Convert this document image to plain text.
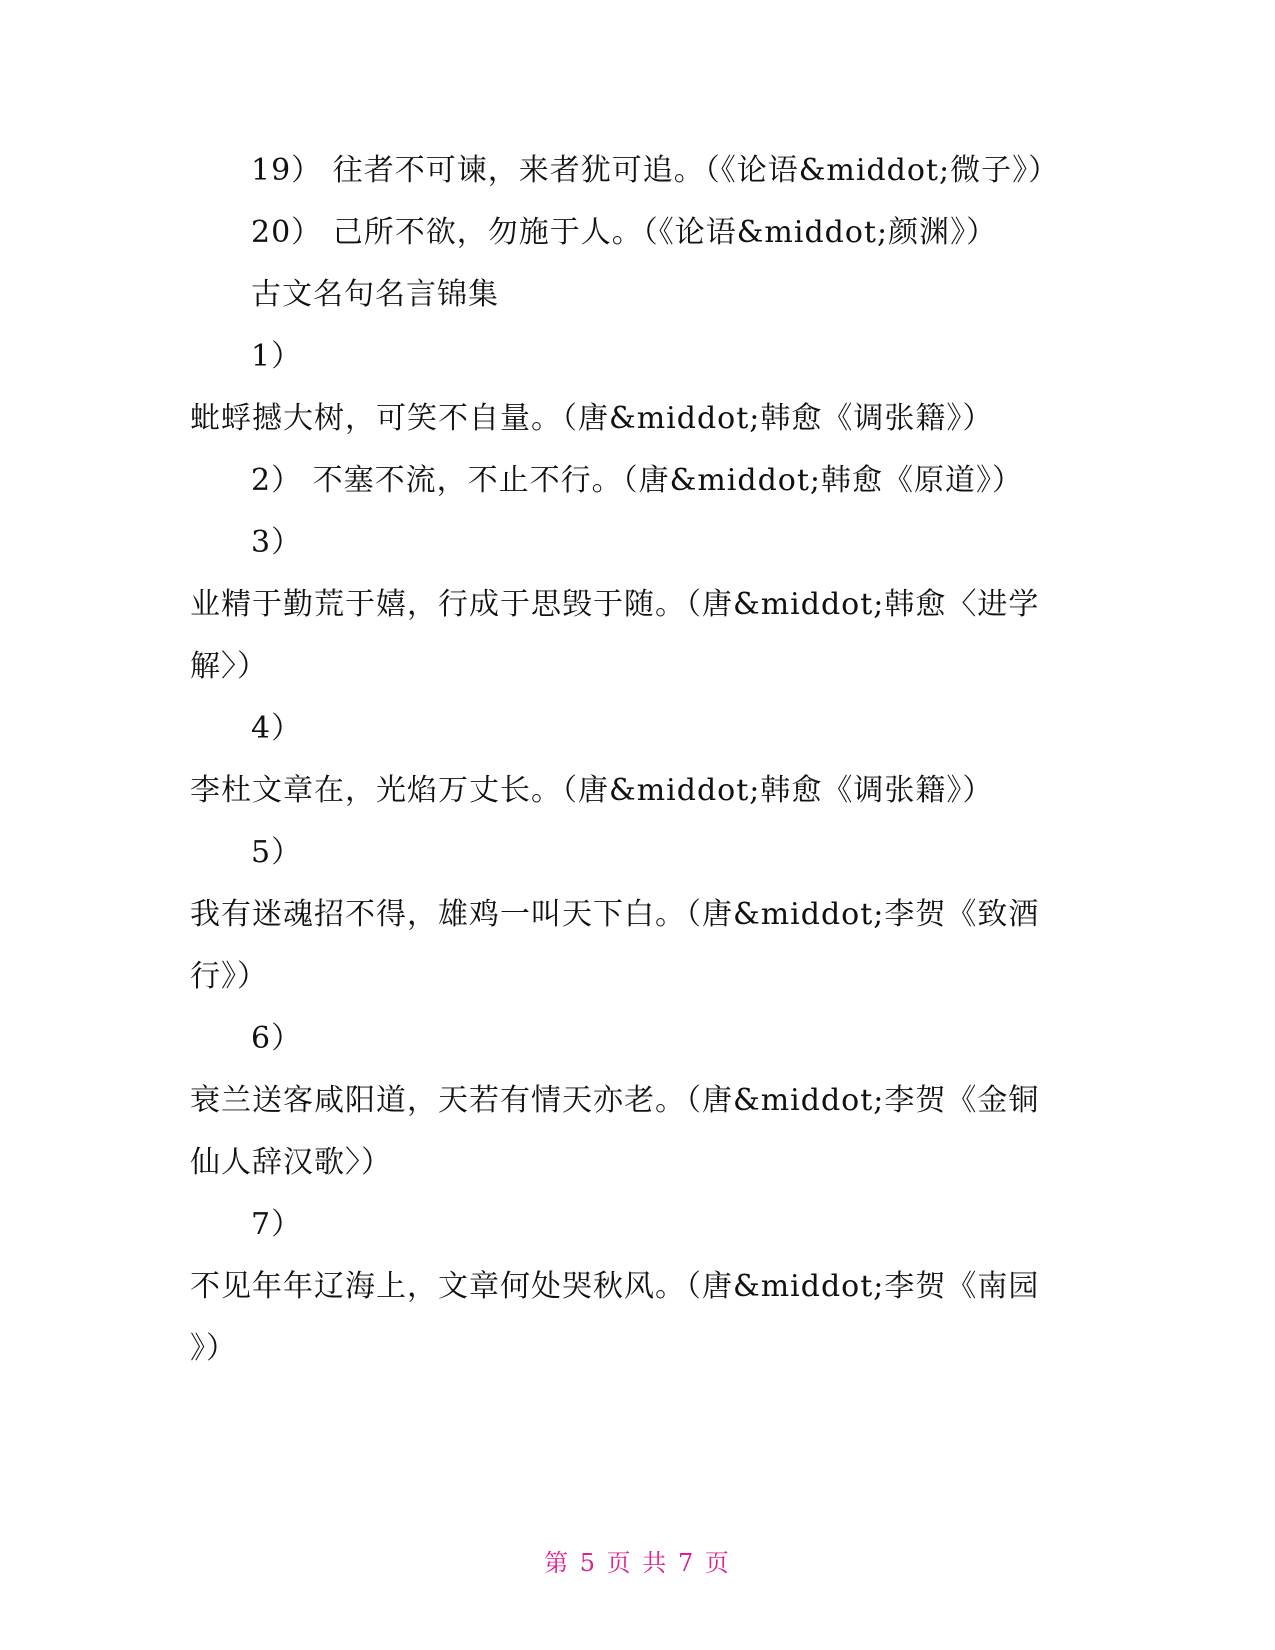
19） 往者不可谏，来者犹可追。（《论语&middot;微子》）
20） 己所不欲，勿施于人。（《论语&middot;颜渊》）
古文名句名言锦集
1）
蚍蜉撼大树，可笑不自量。（唐&middot;韩愈《调张籍》）
2） 不塞不流，不止不行。（唐&middot;韩愈《原道》）
3）
业精于勤荒于嬉，行成于思毁于随。（唐&middot;韩愈〈进学
解〉）
4）
李杜文章在，光焰万丈长。（唐&middot;韩愈《调张籍》）
5）
我有迷魂招不得，雄鸡一叫天下白。（唐&middot;李贺《致酒
行》）
6）
衰兰送客咸阳道，天若有情天亦老。（唐&middot;李贺《金铜
仙人辞汉歌〉）
7）
不见年年辽海上，文章何处哭秋风。（唐&middot;李贺《南园
》）
第 5 页 共 7 页
